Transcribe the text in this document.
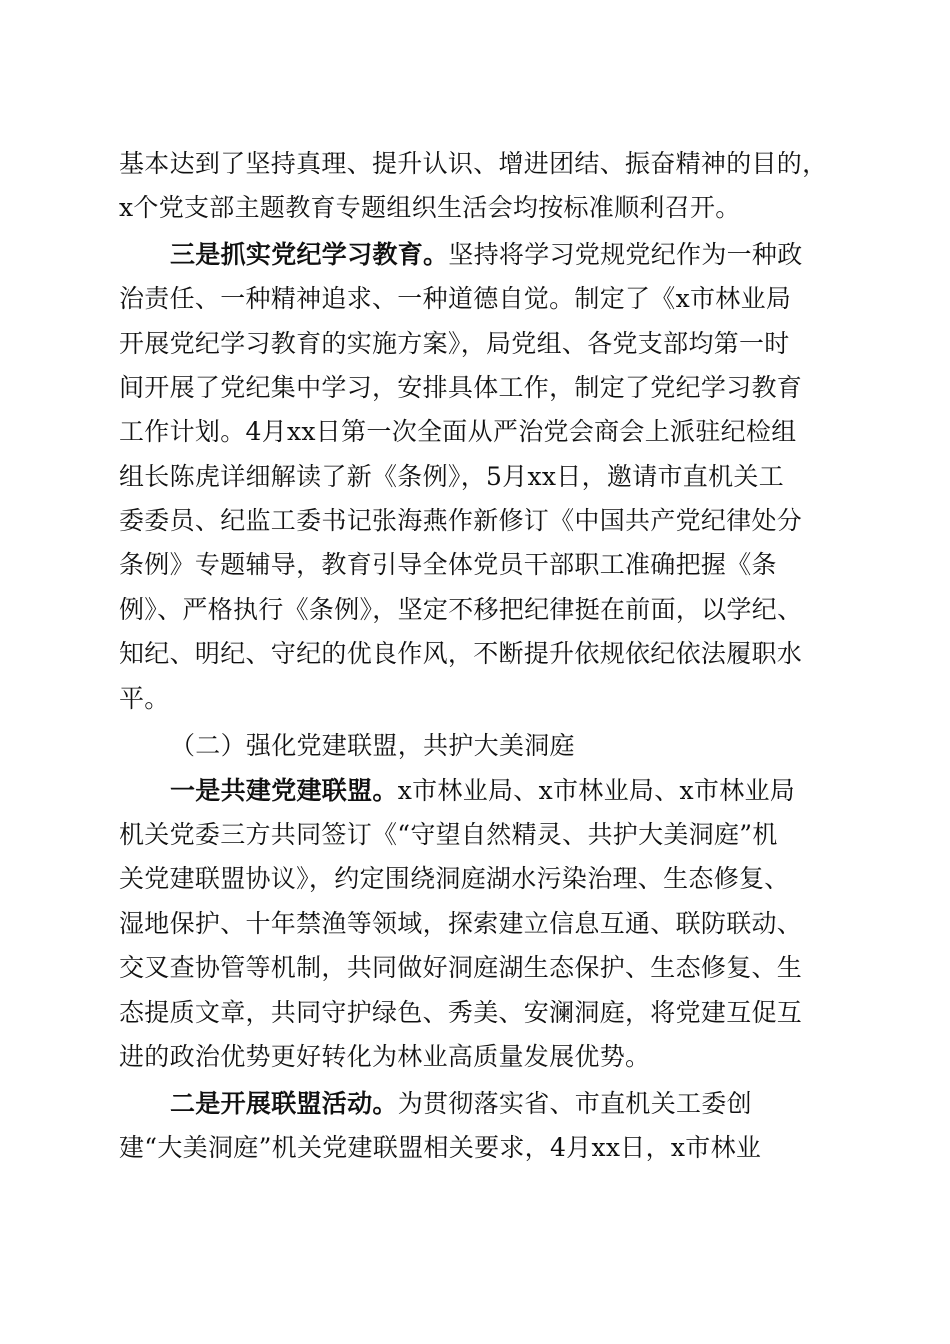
基本达到了坚持真理、提升认识、增进团结、振奋精神的目的，
x个党支部主题教育专题组织生活会均按标准顺利召开。
三是抓实党纪学习教育。坚持将学习党规党纪作为一种政
治责任、一种精神追求、一种道德自觉。制定了《x市林业局
开展党纪学习教育的实施方案》，局党组、各党支部均第一时
间开展了党纪集中学习，安排具体工作，制定了党纪学习教育
工作计划。4月xx日第一次全面从严治党会商会上派驻纪检组
组长陈虎详细解读了新《条例》，5月xx日，邀请市直机关工
委委员、纪监工委书记张海燕作新修订《中国共产党纪律处分
条例》专题辅导，教育引导全体党员干部职工准确把握《条
例》、严格执行《条例》，坚定不移把纪律挺在前面，以学纪、
知纪、明纪、守纪的优良作风，不断提升依规依纪依法履职水
平。
（二）强化党建联盟，共护大美洞庭
一是共建党建联盟。x市林业局、x市林业局、x市林业局
机关党委三方共同签订《“守望自然精灵、共护大美洞庭”机
关党建联盟协议》，约定围绕洞庭湖水污染治理、生态修复、
湿地保护、十年禁渔等领域，探索建立信息互通、联防联动、
交叉查协管等机制，共同做好洞庭湖生态保护、生态修复、生
态提质文章，共同守护绿色、秀美、安澜洞庭，将党建互促互
进的政治优势更好转化为林业高质量发展优势。
二是开展联盟活动。为贯彻落实省、市直机关工委创
建“大美洞庭”机关党建联盟相关要求，4月xx日，x市林业
